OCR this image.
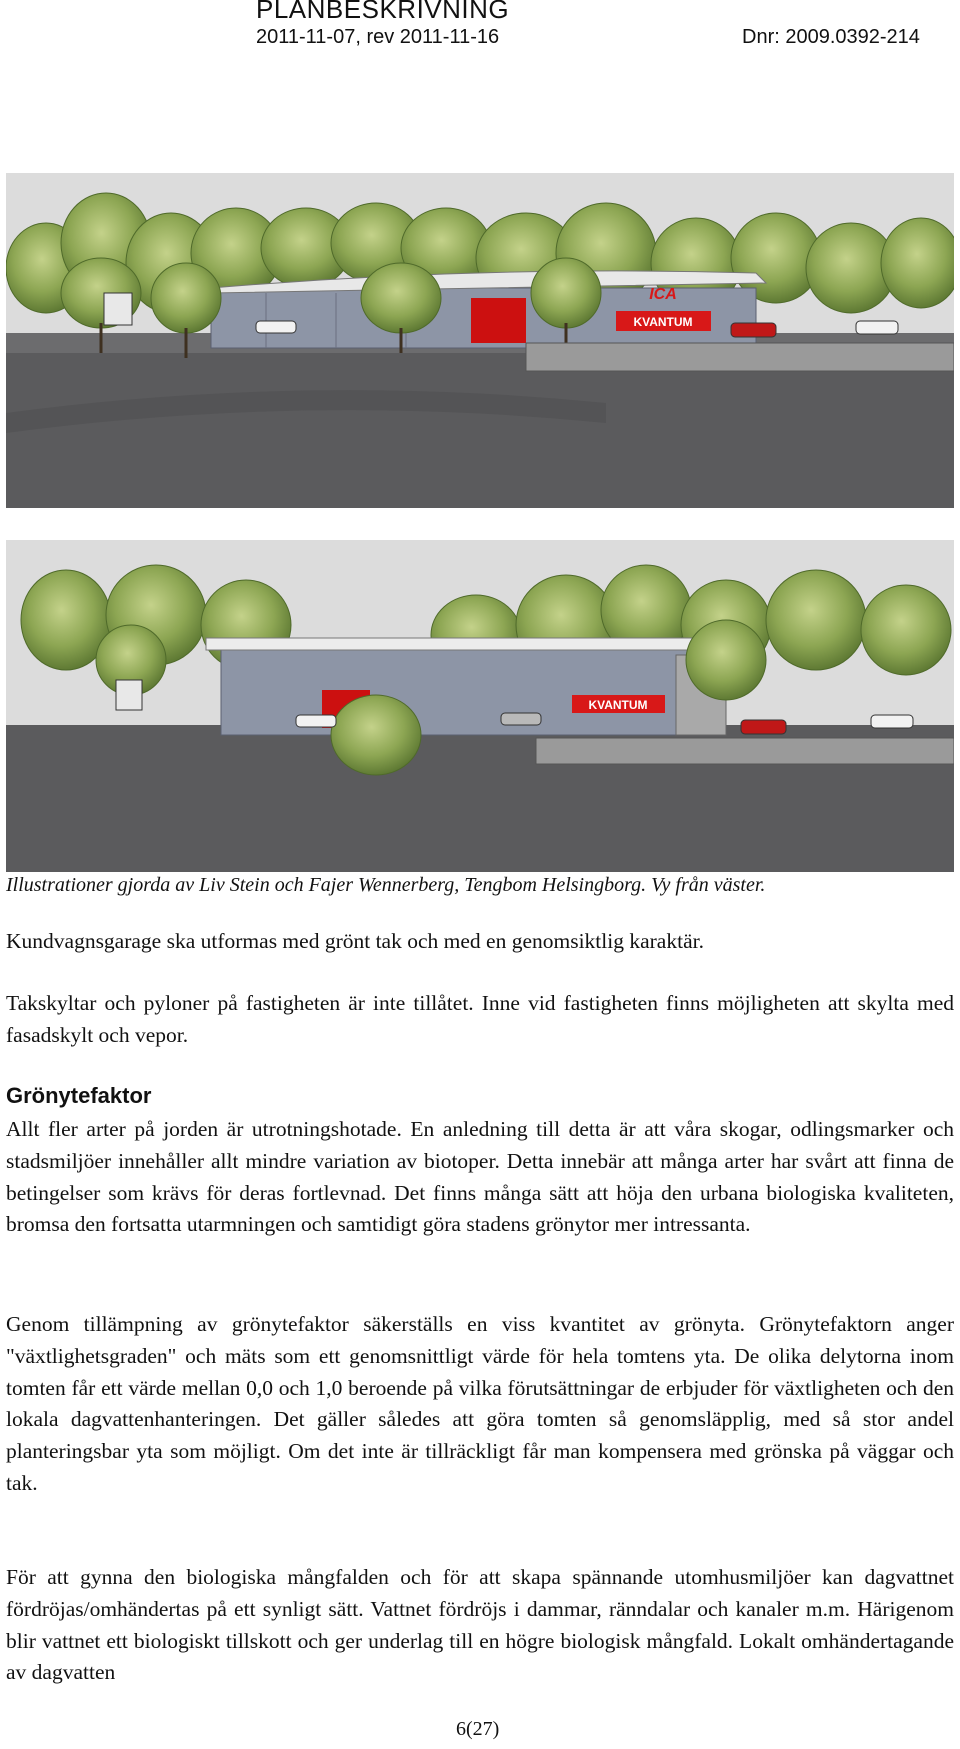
PLANBESKRIVNING
2011-11-07, rev 2011-11-16	Dnr: 2009.0392-214
KVANTUM
ICA
KVANTUM
Illustrationer gjorda av Liv Stein och Fajer Wennerberg, Tengbom Helsingborg. Vy från väster.

Kundvagnsgarage ska utformas med grönt tak och med en genomsiktlig karaktär.

Takskyltar och pyloner på fastigheten är inte tillåtet. Inne vid fastigheten finns möjligheten att skylta med fasadskylt och vepor.

Grönytefaktor

Allt fler arter på jorden är utrotningshotade. En anledning till detta är att våra skogar, odlingsmarker och stadsmiljöer innehåller allt mindre variation av biotoper. Detta innebär att många arter har svårt att finna de betingelser som krävs för deras fortlevnad. Det finns många sätt att höja den urbana biologiska kvaliteten, bromsa den fortsatta utarmningen och samtidigt göra stadens grönytor mer intressanta.

Genom tillämpning av grönytefaktor säkerställs en viss kvantitet av grönyta. Grönytefaktorn anger "växtlighetsgraden" och mäts som ett genomsnittligt värde för hela tomtens yta. De olika delytorna inom tomten får ett värde mellan 0,0 och 1,0 beroende på vilka förutsättningar de erbjuder för växtligheten och den lokala dagvattenhanteringen. Det gäller således att göra tomten så genomsläpplig, med så stor andel planteringsbar yta som möjligt. Om det inte är tillräckligt får man kompensera med grönska på väggar och tak.

För att gynna den biologiska mångfalden och för att skapa spännande utomhusmiljöer kan dagvattnet fördröjas/omhändertas på ett synligt sätt. Vattnet fördröjs i dammar, ränndalar och kanaler m.m. Härigenom blir vattnet ett biologiskt tillskott och ger underlag till en högre biologisk mångfald. Lokalt omhändertagande av dagvatten

6(27)
